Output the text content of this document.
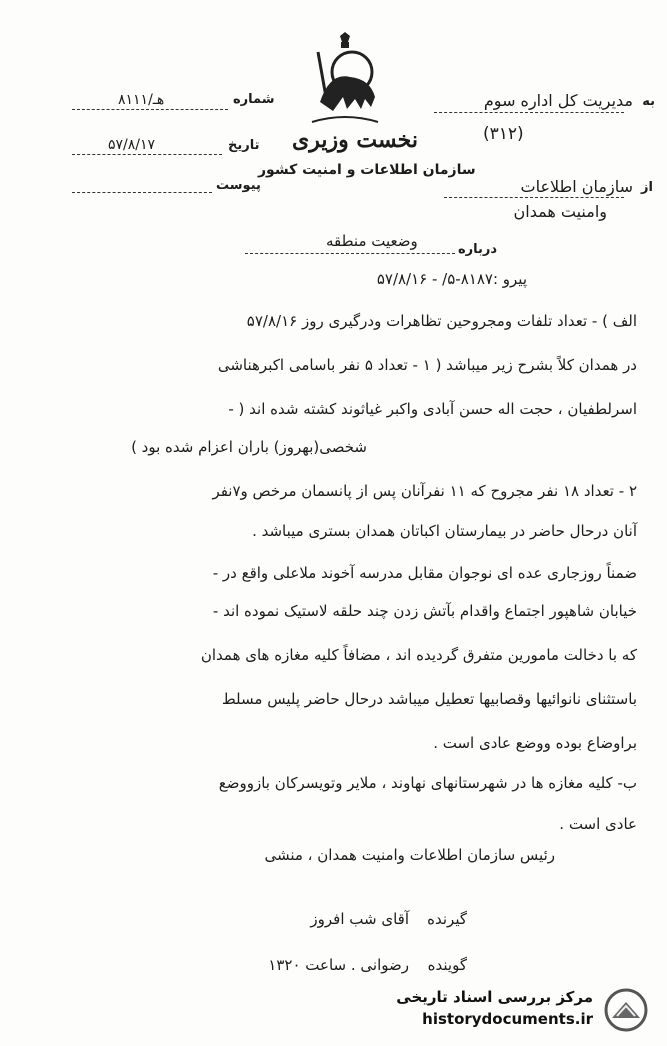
نخست وزیری
سازمان اطلاعات و امنیت کشور
به
مدیریت کل اداره سوم
(۳۱۲)
از
سازمان اطلاعات
وامنیت همدان
شماره
۸۱۱۱/هـ
تاریخ
۵۷/۸/۱۷
پیوست
درباره
وضعیت منطقه
پیرو :۸۱۸۷-۵/ - ۵۷/۸/۱۶
الف ) - تعداد تلفات ومجروحین تظاهرات ودرگیری روز ۵۷/۸/۱۶
در همدان کلاً بشرح زیر میباشد ( ۱ - تعداد ۵ نفر باسامی اکبرهناشی
اسرلطفیان ، حجت اله حسن آبادی واکبر غیاثوند کشته شده اند ( -
شخصی(بهروز) باران اعزام شده بود )
۲ - تعداد ۱۸ نفر مجروح که ۱۱ نفرآنان پس از پانسمان مرخص و۷نفر
آنان درحال حاضر در بیمارستان اکباتان همدان بستری میباشد .
ضمناً روزجاری عده ای نوجوان مقابل مدرسه آخوند ملاعلی واقع در -
خیابان شاهپور اجتماع واقدام بآتش زدن چند حلقه لاستیک نموده اند -
که با دخالت مامورین متفرق گردیده اند ، مضافاً کلیه مغازه های همدان
باستثنای نانوائیها وقصابیها تعطیل میباشد درحال حاضر پلیس مسلط
براوضاع بوده ووضع عادی است .
ب- کلیه مغازه ها در شهرستانهای نهاوند ، ملایر وتویسرکان بازووضع
عادی است .
رئیس سازمان اطلاعات وامنیت همدان ، منشی
گیرنده
آقای شب افروز
گوینده
رضوانی . ساعت ۱۳۲۰
مرکز بررسی اسناد تاریخی
historydocuments.ir
